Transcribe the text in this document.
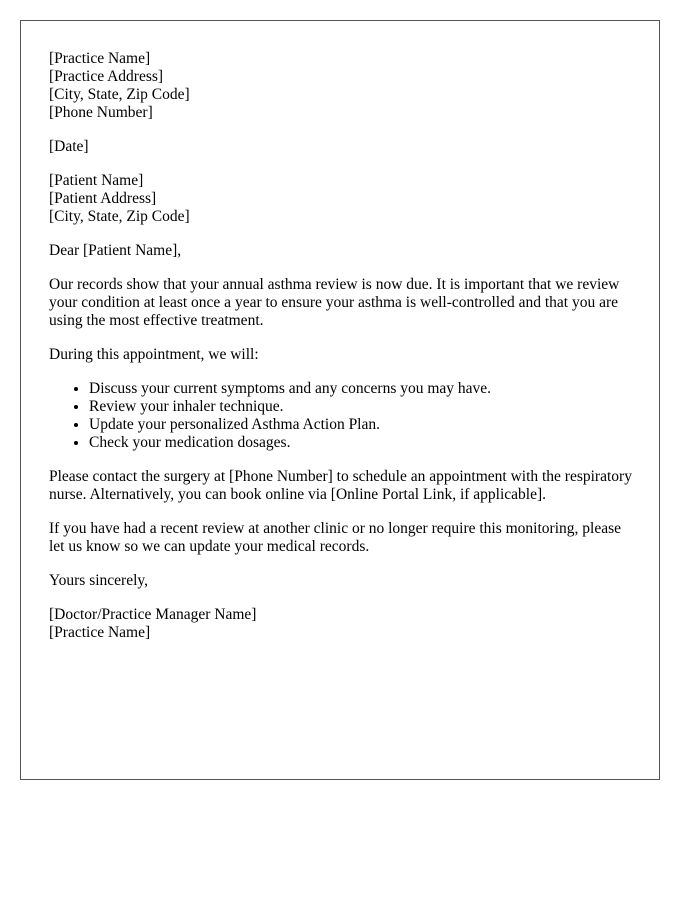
[Practice Name]
[Practice Address]
[City, State, Zip Code]
[Phone Number]
[Date]
[Patient Name]
[Patient Address]
[City, State, Zip Code]

Dear [Patient Name],

Our records show that your annual asthma review is now due. It is important that we review your condition at least once a year to ensure your asthma is well-controlled and that you are using the most effective treatment.

During this appointment, we will:

• Discuss your current symptoms and any concerns you may have.
• Review your inhaler technique.
• Update your personalized Asthma Action Plan.
• Check your medication dosages.

Please contact the surgery at [Phone Number] to schedule an appointment with the respiratory nurse. Alternatively, you can book online via [Online Portal Link, if applicable].

If you have had a recent review at another clinic or no longer require this monitoring, please let us know so we can update your medical records.

Yours sincerely,

[Doctor/Practice Manager Name]
[Practice Name]
